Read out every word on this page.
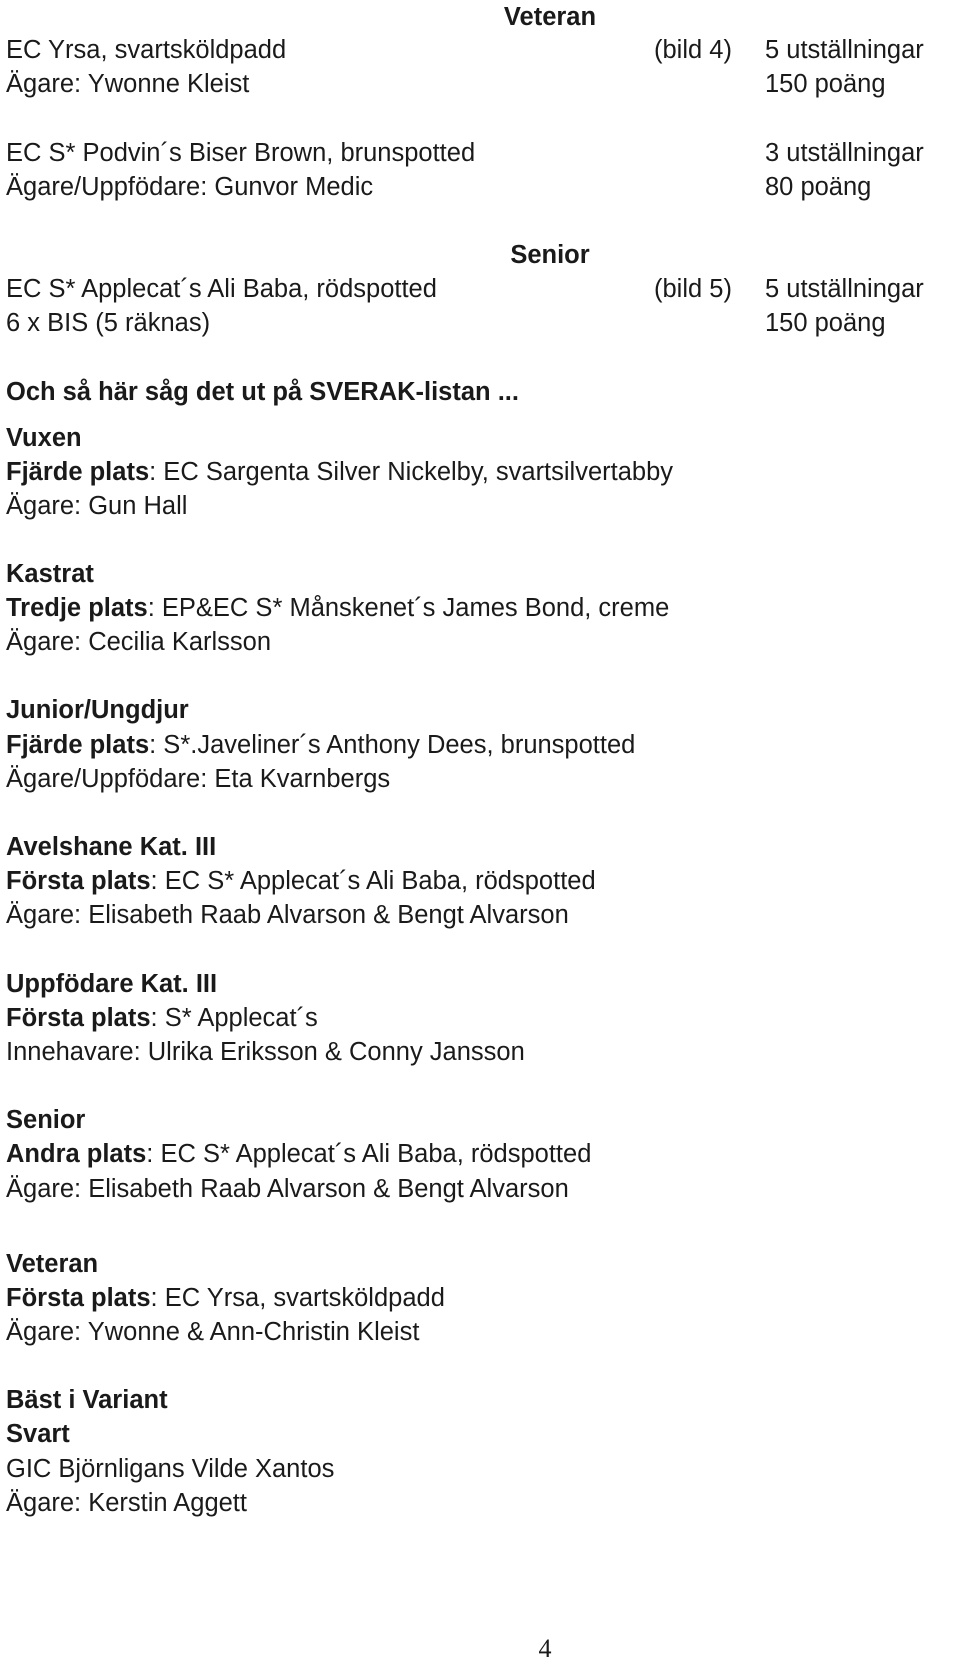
Veteran
EC Yrsa, svartsköldpadd	(bild 4) 5 utställningar
Ägare: Ywonne Kleist	150 poäng
EC S* Podvin´s Biser Brown, brunspotted	3 utställningar
Ägare/Uppfödare: Gunvor Medic	80 poäng
Senior
EC S* Applecat´s Ali Baba, rödspotted	(bild 5) 5 utställningar
6 x BIS (5 räknas)	150 poäng
Och så här såg det ut på SVERAK-listan ...
Vuxen
Fjärde plats: EC Sargenta Silver Nickelby, svartsilvertabby
Ägare: Gun Hall
Kastrat
Tredje plats: EP&EC S* Månskenet´s James Bond, creme
Ägare: Cecilia Karlsson
Junior/Ungdjur
Fjärde plats: S*.Javeliner´s Anthony Dees, brunspotted
Ägare/Uppfödare: Eta Kvarnbergs
Avelshane Kat. III
Första plats: EC S* Applecat´s Ali Baba, rödspotted
Ägare: Elisabeth Raab Alvarson & Bengt Alvarson
Uppfödare Kat. III
Första plats: S* Applecat´s
Innehavare: Ulrika Eriksson & Conny Jansson
Senior
Andra plats: EC S* Applecat´s Ali Baba, rödspotted
Ägare: Elisabeth Raab Alvarson & Bengt Alvarson
Veteran
Första plats: EC Yrsa, svartsköldpadd
Ägare: Ywonne & Ann-Christin Kleist
Bäst i Variant
Svart
GIC Björnligans Vilde Xantos
Ägare: Kerstin Aggett
4
